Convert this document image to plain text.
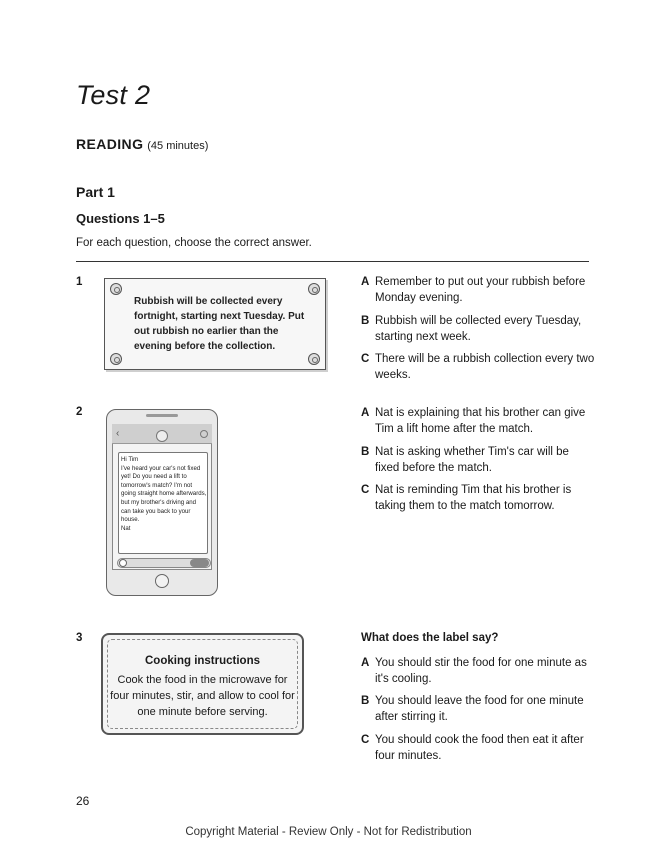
Test 2
READING (45 minutes)
Part 1
Questions 1–5
For each question, choose the correct answer.
1
Rubbish will be collected every fortnight, starting next Tuesday. Put out rubbish no earlier than the evening before the collection.
A Remember to put out your rubbish before Monday evening.
B Rubbish will be collected every Tuesday, starting next week.
C There will be a rubbish collection every two weeks.
2
‹
Hi Tim
I've heard your car's not fixed yet! Do you need a lift to tomorrow's match? I'm not going straight home afterwards, but my brother's driving and can take you back to your house.
Nat
A Nat is explaining that his brother can give Tim a lift home after the match.
B Nat is asking whether Tim's car will be fixed before the match.
C Nat is reminding Tim that his brother is taking them to the match tomorrow.
3
Cooking instructions
Cook the food in the microwave for four minutes, stir, and allow to cool for one minute before serving.
What does the label say?
A You should stir the food for one minute as it's cooling.
B You should leave the food for one minute after stirring it.
C You should cook the food then eat it after four minutes.
26
Copyright Material - Review Only - Not for Redistribution
